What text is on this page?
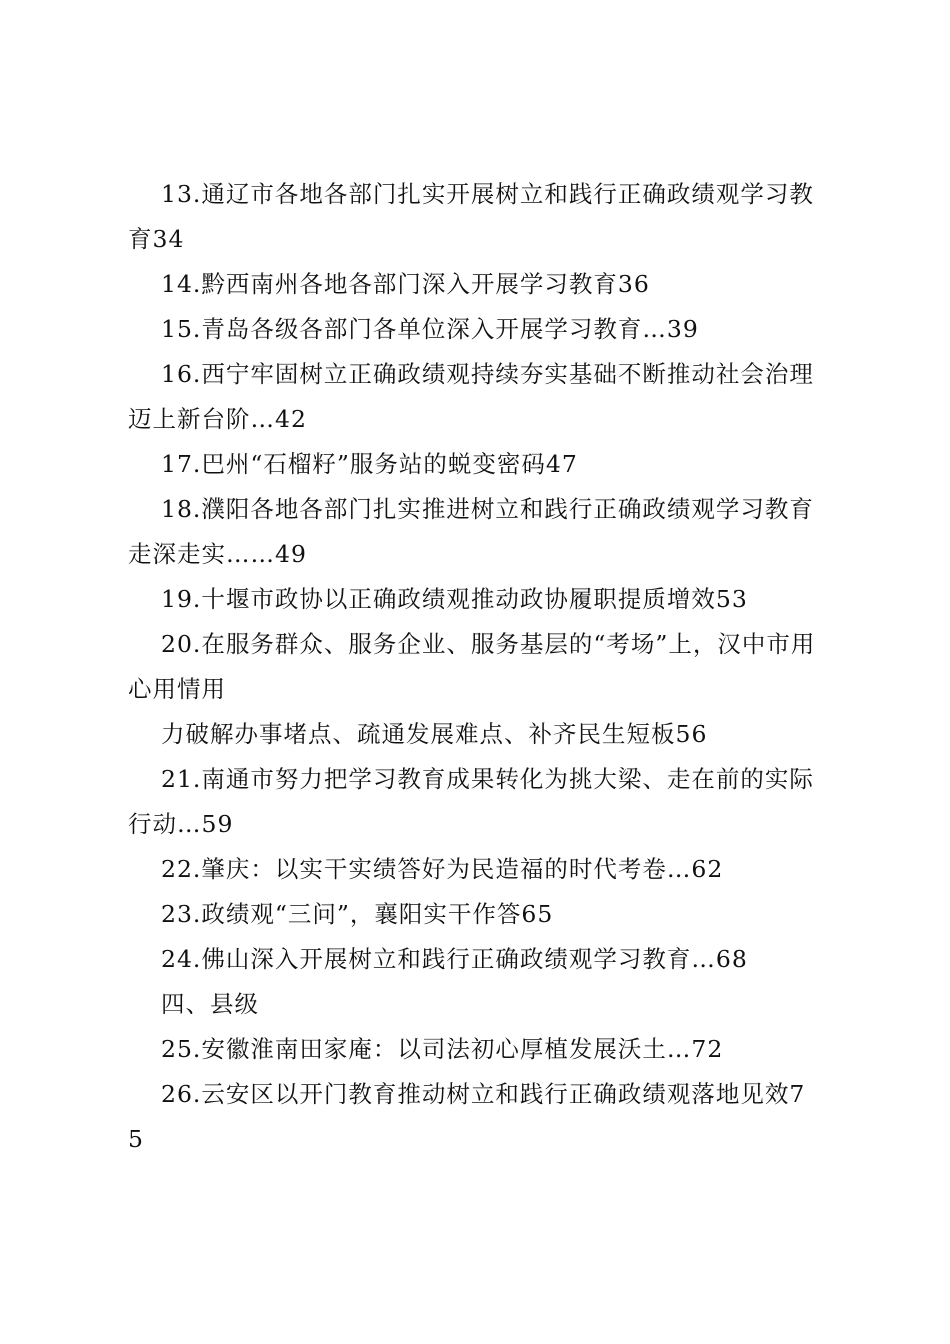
13.通辽市各地各部门扎实开展树立和践行正确政绩观学习教育34
14.黔西南州各地各部门深入开展学习教育36
15.青岛各级各部门各单位深入开展学习教育…39
16.西宁牢固树立正确政绩观持续夯实基础不断推动社会治理迈上新台阶…42
17.巴州“石榴籽”服务站的蜕变密码47
18.濮阳各地各部门扎实推进树立和践行正确政绩观学习教育走深走实……49
19.十堰市政协以正确政绩观推动政协履职提质增效53
20.在服务群众、服务企业、服务基层的“考场”上，汉中市用心用情用
力破解办事堵点、疏通发展难点、补齐民生短板56
21.南通市努力把学习教育成果转化为挑大梁、走在前的实际行动…59
22.肇庆：以实干实绩答好为民造福的时代考卷…62
23.政绩观“三问”，襄阳实干作答65
24.佛山深入开展树立和践行正确政绩观学习教育…68
四、县级
25.安徽淮南田家庵：以司法初心厚植发展沃土…72
26.云安区以开门教育推动树立和践行正确政绩观落地见效75
